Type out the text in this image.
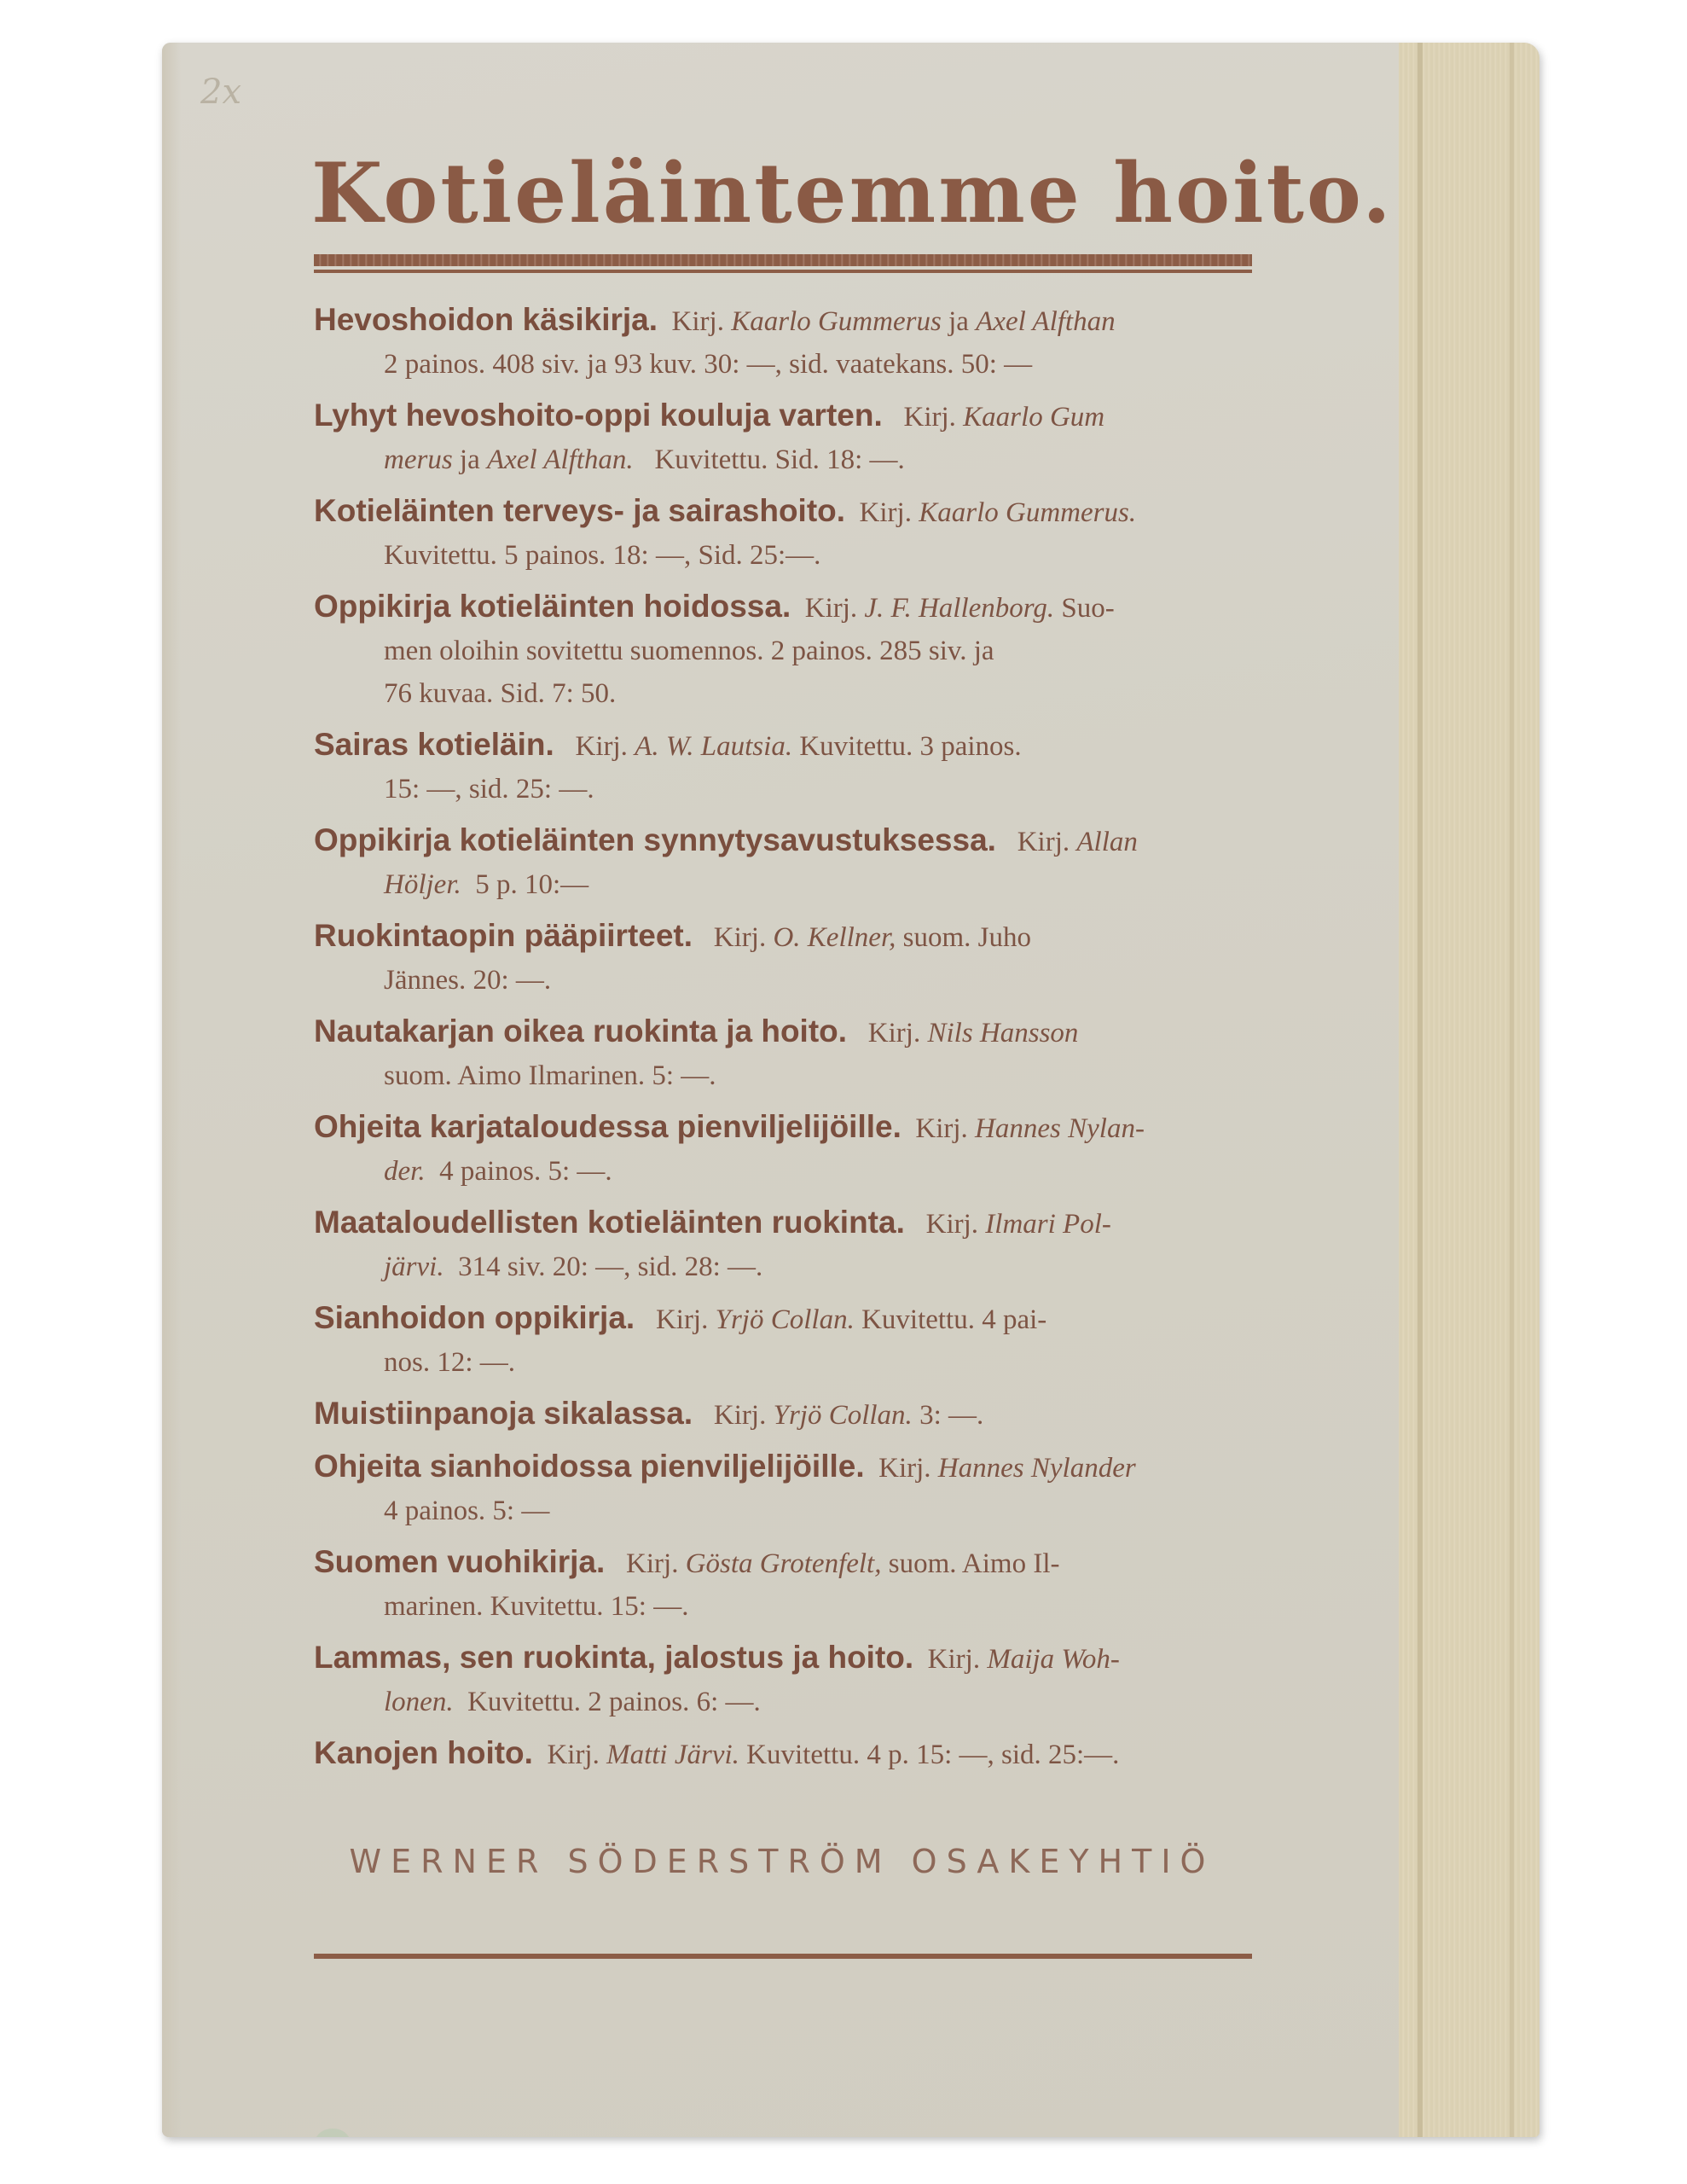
2x
Kotieläintemme hoito.
Hevoshoidon käsikirja. Kirj. Kaarlo Gummerus ja Axel Alfthan
2 painos. 408 siv. ja 93 kuv. 30: —, sid. vaatekans. 50: —
Lyhyt hevoshoito-oppi kouluja varten. Kirj. Kaarlo Gum
merus ja Axel Alfthan. Kuvitettu. Sid. 18: —.
Kotieläinten terveys- ja sairashoito. Kirj. Kaarlo Gummerus.
Kuvitettu. 5 painos. 18: —, Sid. 25:—.
Oppikirja kotieläinten hoidossa. Kirj. J. F. Hallenborg. Suo-
men oloihin sovitettu suomennos. 2 painos. 285 siv. ja
76 kuvaa. Sid. 7: 50.
Sairas kotieläin. Kirj. A. W. Lautsia. Kuvitettu. 3 painos.
15: —, sid. 25: —.
Oppikirja kotieläinten synnytysavustuksessa. Kirj. Allan
Höljer. 5 p. 10:—
Ruokintaopin pääpiirteet. Kirj. O. Kellner, suom. Juho
Jännes. 20: —.
Nautakarjan oikea ruokinta ja hoito. Kirj. Nils Hansson
suom. Aimo Ilmarinen. 5: —.
Ohjeita karjataloudessa pienviljelijöille. Kirj. Hannes Nylan-
der. 4 painos. 5: —.
Maataloudellisten kotieläinten ruokinta. Kirj. Ilmari Pol-
järvi. 314 siv. 20: —, sid. 28: —.
Sianhoidon oppikirja. Kirj. Yrjö Collan. Kuvitettu. 4 pai-
nos. 12: —.
Muistiinpanoja sikalassa. Kirj. Yrjö Collan. 3: —.
Ohjeita sianhoidossa pienviljelijöille. Kirj. Hannes Nylander
4 painos. 5: —
Suomen vuohikirja. Kirj. Gösta Grotenfelt, suom. Aimo Il-
marinen. Kuvitettu. 15: —.
Lammas, sen ruokinta, jalostus ja hoito. Kirj. Maija Woh-
lonen. Kuvitettu. 2 painos. 6: —.
Kanojen hoito. Kirj. Matti Järvi. Kuvitettu. 4 p. 15: —, sid. 25:—.
WERNER SÖDERSTRÖM OSAKEYHTIÖ
